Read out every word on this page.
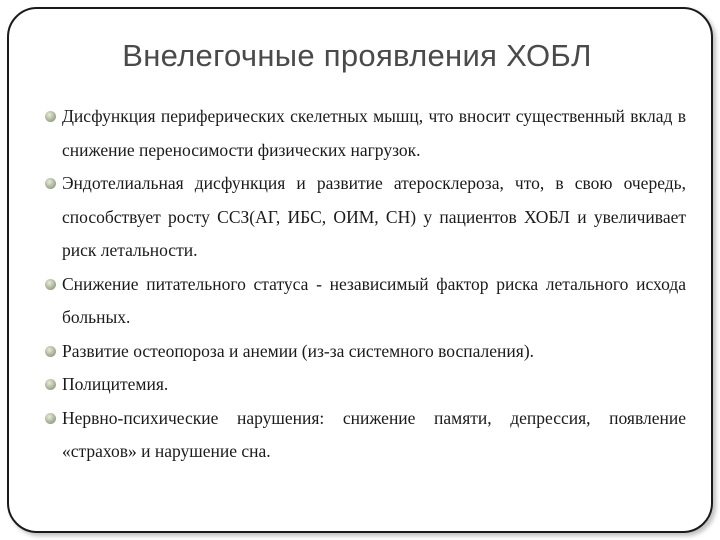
Внелегочные проявления ХОБЛ
Дисфункция периферических скелетных мышц, что вносит существенный вклад в снижение переносимости физических нагрузок.
Эндотелиальная дисфункция и развитие атеросклероза, что, в свою очередь, способствует росту ССЗ(АГ, ИБС, ОИМ, СН) у пациентов ХОБЛ и увеличивает риск летальности.
Снижение питательного статуса - независимый фактор риска летального исхода больных.
Развитие остеопороза и анемии (из-за системного воспаления).
Полицитемия.
Нервно-психические нарушения: снижение памяти, депрессия, появление «страхов» и нарушение сна.
